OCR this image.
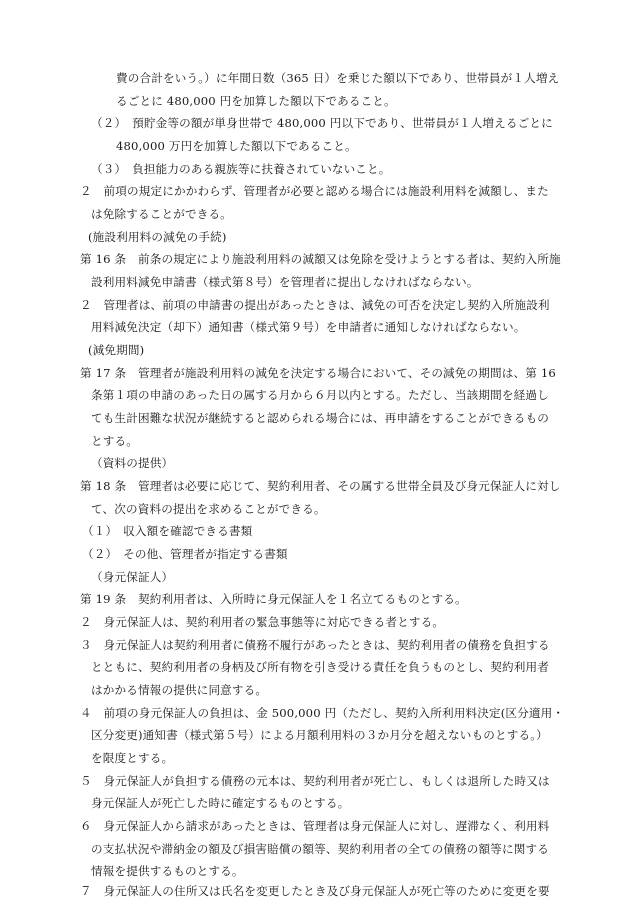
費の合計をいう。）に年間日数（365 日）を乗じた額以下であり、世帯員が１人増え
るごとに 480,000 円を加算した額以下であること。
（２）　預貯金等の額が単身世帯で 480,000 円以下であり、世帯員が１人増えるごとに
480,000 万円を加算した額以下であること。
（３）　負担能力のある親族等に扶養されていないこと。
２　前項の規定にかかわらず、管理者が必要と認める場合には施設利用料を減額し、また
は免除することができる。
(施設利用料の減免の手続)
第 16 条　前条の規定により施設利用料の減額又は免除を受けようとする者は、契約入所施
設利用料減免申請書（様式第８号）を管理者に提出しなければならない。
２　管理者は、前項の申請書の提出があったときは、減免の可否を決定し契約入所施設利
用料減免決定（却下）通知書（様式第９号）を申請者に通知しなければならない。
(減免期間)
第 17 条　管理者が施設利用料の減免を決定する場合において、その減免の期間は、第 16
条第１項の申請のあった日の属する月から６月以内とする。ただし、当該期間を経過し
ても生計困難な状況が継続すると認められる場合には、再申請をすることができるもの
とする。
（資料の提供）
第 18 条　管理者は必要に応じて、契約利用者、その属する世帯全員及び身元保証人に対し
て、次の資料の提出を求めることができる。
（１）　収入額を確認できる書類
（２）　その他、管理者が指定する書類
（身元保証人）
第 19 条　契約利用者は、入所時に身元保証人を１名立てるものとする。
２　身元保証人は、契約利用者の緊急事態等に対応できる者とする。
３　身元保証人は契約利用者に債務不履行があったときは、契約利用者の債務を負担する
とともに、契約利用者の身柄及び所有物を引き受ける責任を負うものとし、契約利用者
はかかる情報の提供に同意する。
４　前項の身元保証人の負担は、金 500,000 円（ただし、契約入所利用料決定(区分適用・
区分変更)通知書（様式第５号）による月額利用料の３か月分を超えないものとする。）
を限度とする。
５　身元保証人が負担する債務の元本は、契約利用者が死亡し、もしくは退所した時又は
身元保証人が死亡した時に確定するものとする。
６　身元保証人から請求があったときは、管理者は身元保証人に対し、遅滞なく、利用料
の支払状況や滞納金の額及び損害賠償の額等、契約利用者の全ての債務の額等に関する
情報を提供するものとする。
７　身元保証人の住所又は氏名を変更したとき及び身元保証人が死亡等のために変更を要
